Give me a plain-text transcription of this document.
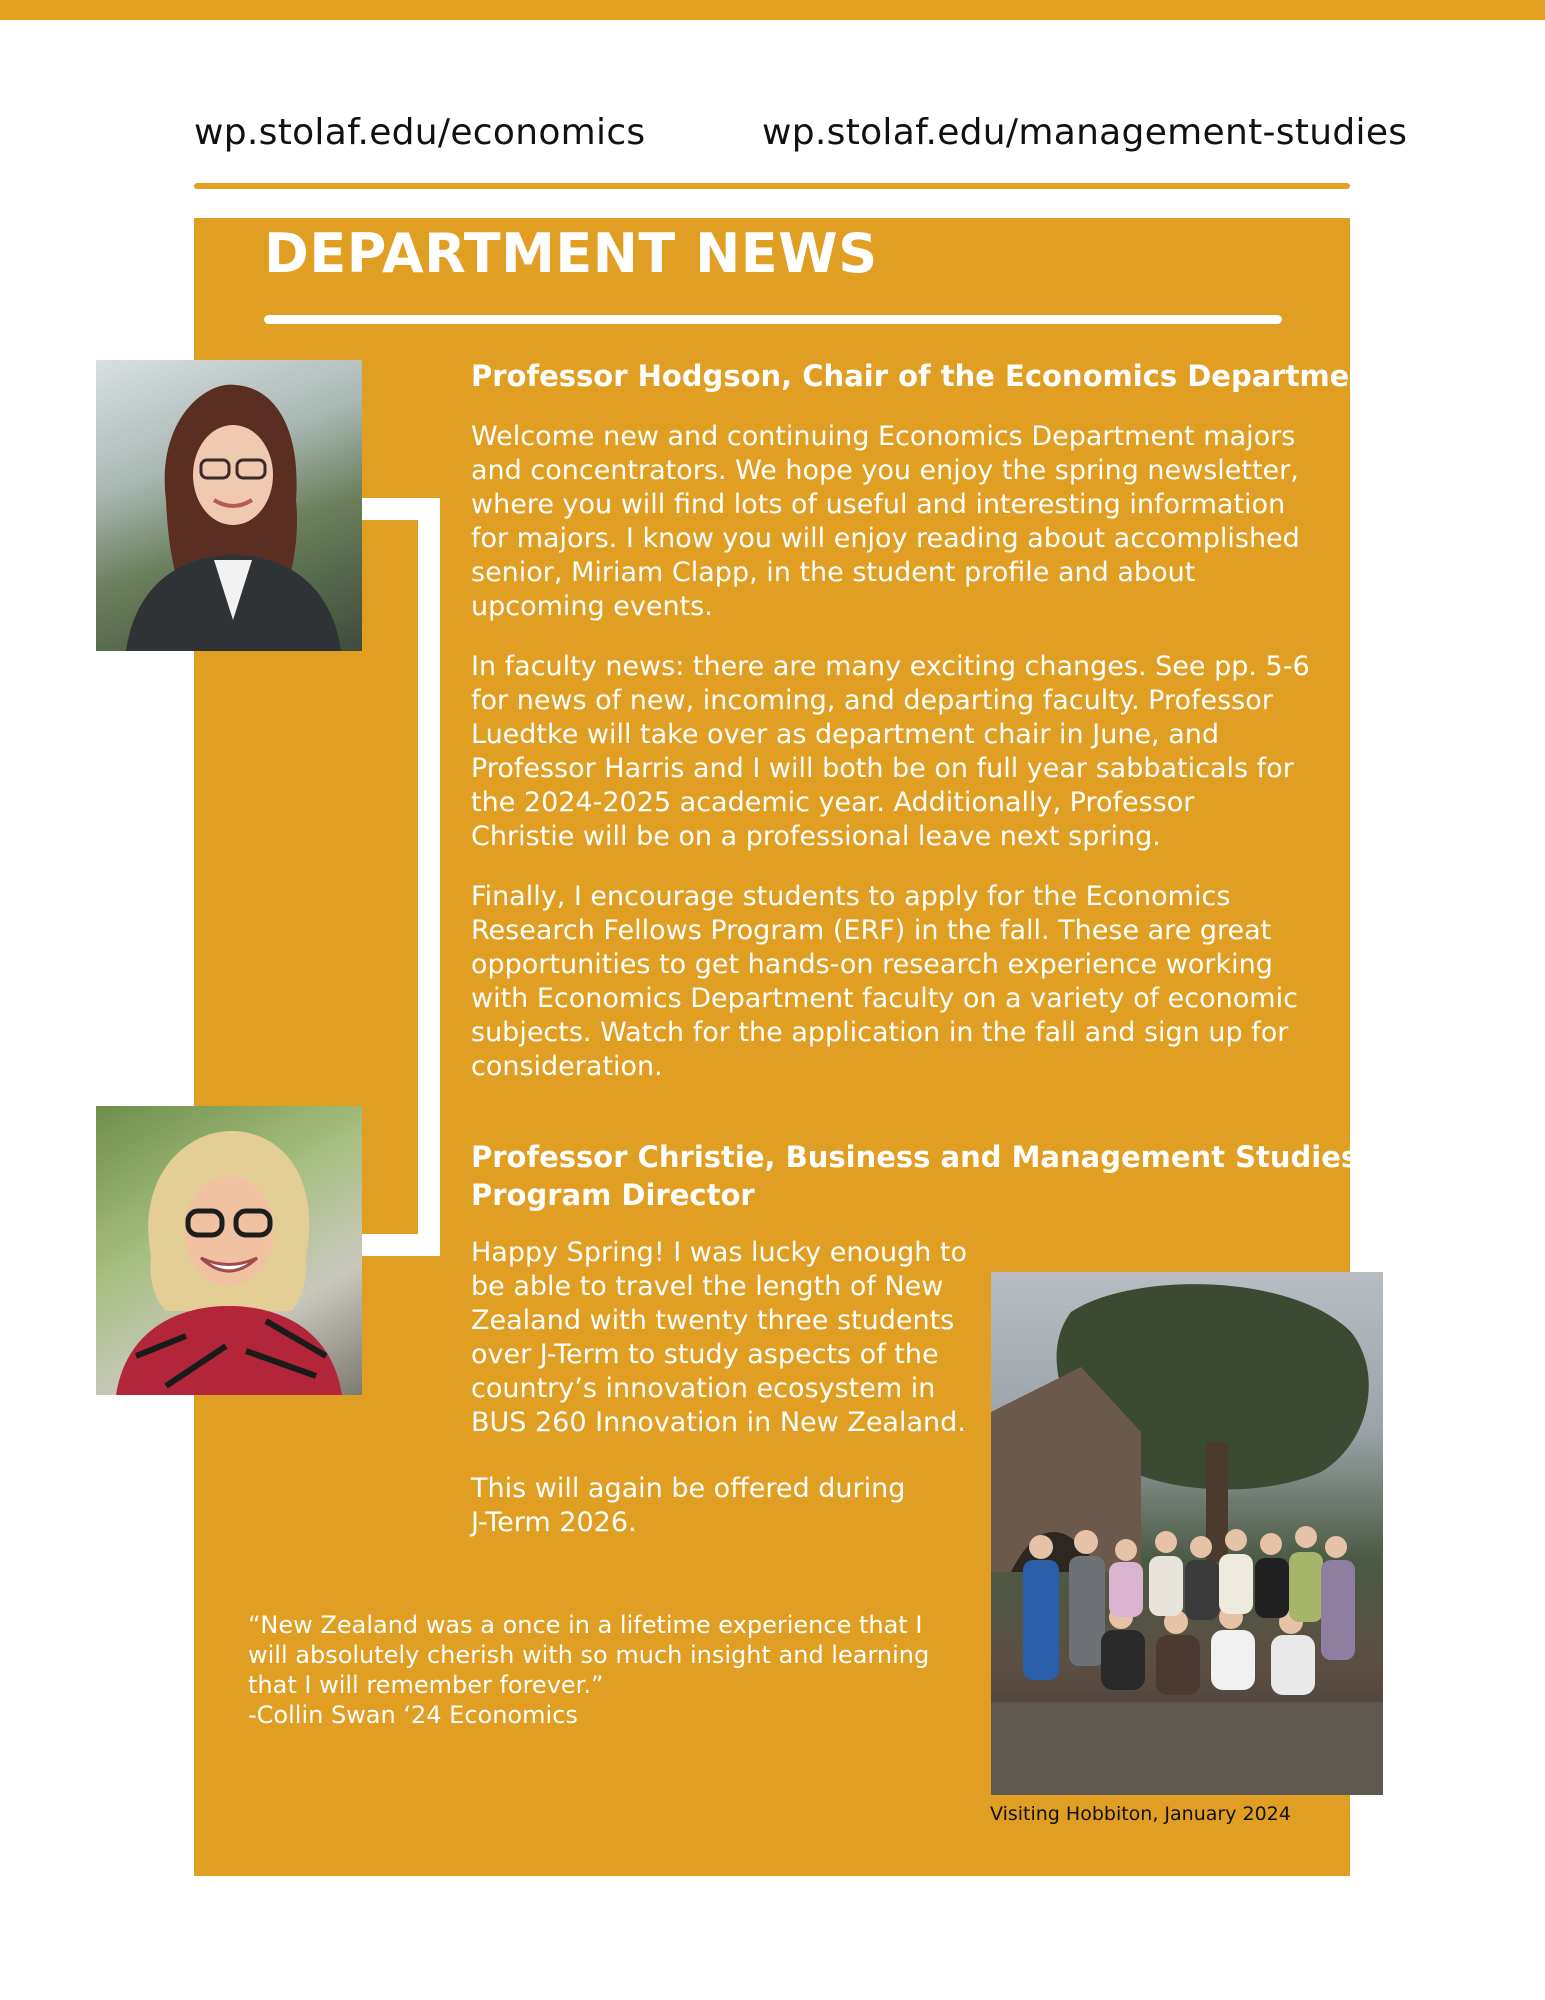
wp.stolaf.edu/economics	wp.stolaf.edu/management-studies
DEPARTMENT NEWS
Professor Hodgson, Chair of the Economics Department
Welcome new and continuing Economics Department majors
and concentrators. We hope you enjoy the spring newsletter,
where you will find lots of useful and interesting information
for majors. I know you will enjoy reading about accomplished
senior, Miriam Clapp, in the student profile and about
upcoming events.
In faculty news: there are many exciting changes. See pp. 5-6
for news of new, incoming, and departing faculty. Professor
Luedtke will take over as department chair in June, and
Professor Harris and I will both be on full year sabbaticals for
the 2024-2025 academic year. Additionally, Professor
Christie will be on a professional leave next spring.
Finally, I encourage students to apply for the Economics
Research Fellows Program (ERF) in the fall. These are great
opportunities to get hands-on research experience working
with Economics Department faculty on a variety of economic
subjects. Watch for the application in the fall and sign up for
consideration.
Professor Christie, Business and Management Studies
Program Director
Happy Spring! I was lucky enough to
be able to travel the length of New
Zealand with twenty three students
over J-Term to study aspects of the
country’s innovation ecosystem in
BUS 260 Innovation in New Zealand.
This will again be offered during
J-Term 2026.
“New Zealand was a once in a lifetime experience that I
will absolutely cherish with so much insight and learning
that I will remember forever.”
-Collin Swan ‘24 Economics
Visiting Hobbiton, January 2024
